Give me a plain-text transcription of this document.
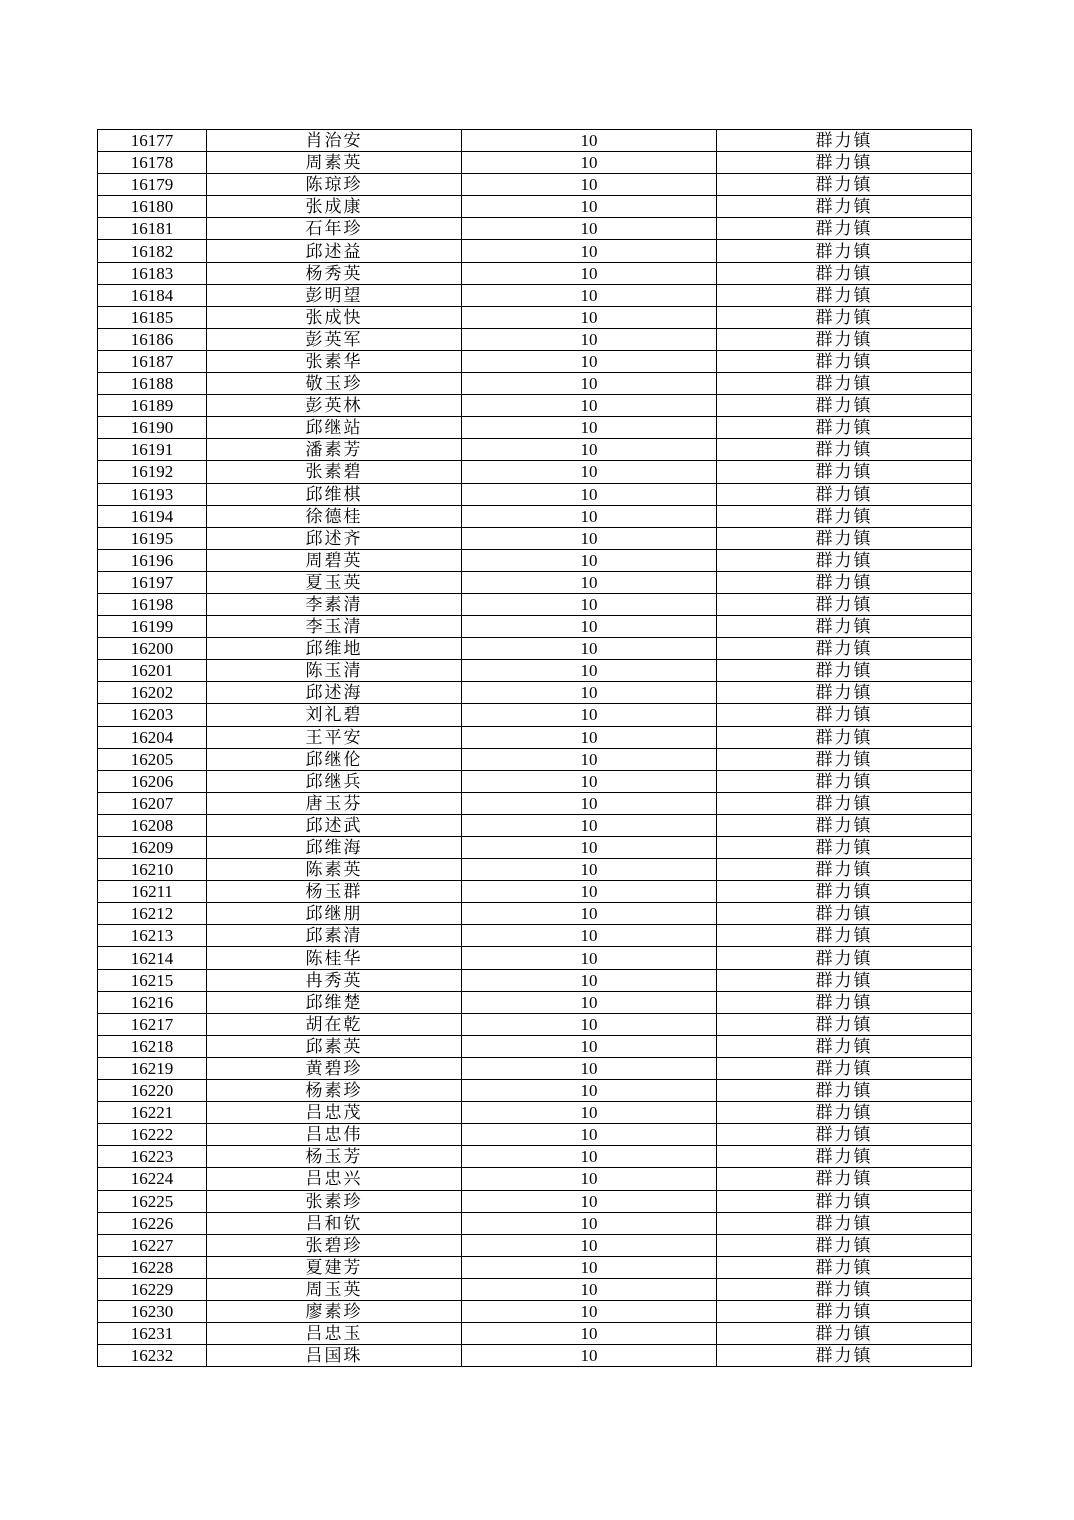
16177	肖治安	10	群力镇
16178	周素英	10	群力镇
16179	陈琼珍	10	群力镇
16180	张成康	10	群力镇
16181	石年珍	10	群力镇
16182	邱述益	10	群力镇
16183	杨秀英	10	群力镇
16184	彭明望	10	群力镇
16185	张成快	10	群力镇
16186	彭英军	10	群力镇
16187	张素华	10	群力镇
16188	敬玉珍	10	群力镇
16189	彭英林	10	群力镇
16190	邱继站	10	群力镇
16191	潘素芳	10	群力镇
16192	张素碧	10	群力镇
16193	邱维棋	10	群力镇
16194	徐德桂	10	群力镇
16195	邱述齐	10	群力镇
16196	周碧英	10	群力镇
16197	夏玉英	10	群力镇
16198	李素清	10	群力镇
16199	李玉清	10	群力镇
16200	邱维地	10	群力镇
16201	陈玉清	10	群力镇
16202	邱述海	10	群力镇
16203	刘礼碧	10	群力镇
16204	王平安	10	群力镇
16205	邱继伦	10	群力镇
16206	邱继兵	10	群力镇
16207	唐玉芬	10	群力镇
16208	邱述武	10	群力镇
16209	邱维海	10	群力镇
16210	陈素英	10	群力镇
16211	杨玉群	10	群力镇
16212	邱继朋	10	群力镇
16213	邱素清	10	群力镇
16214	陈桂华	10	群力镇
16215	冉秀英	10	群力镇
16216	邱维楚	10	群力镇
16217	胡在乾	10	群力镇
16218	邱素英	10	群力镇
16219	黄碧珍	10	群力镇
16220	杨素珍	10	群力镇
16221	吕忠茂	10	群力镇
16222	吕忠伟	10	群力镇
16223	杨玉芳	10	群力镇
16224	吕忠兴	10	群力镇
16225	张素珍	10	群力镇
16226	吕和钦	10	群力镇
16227	张碧珍	10	群力镇
16228	夏建芳	10	群力镇
16229	周玉英	10	群力镇
16230	廖素珍	10	群力镇
16231	吕忠玉	10	群力镇
16232	吕国珠	10	群力镇
